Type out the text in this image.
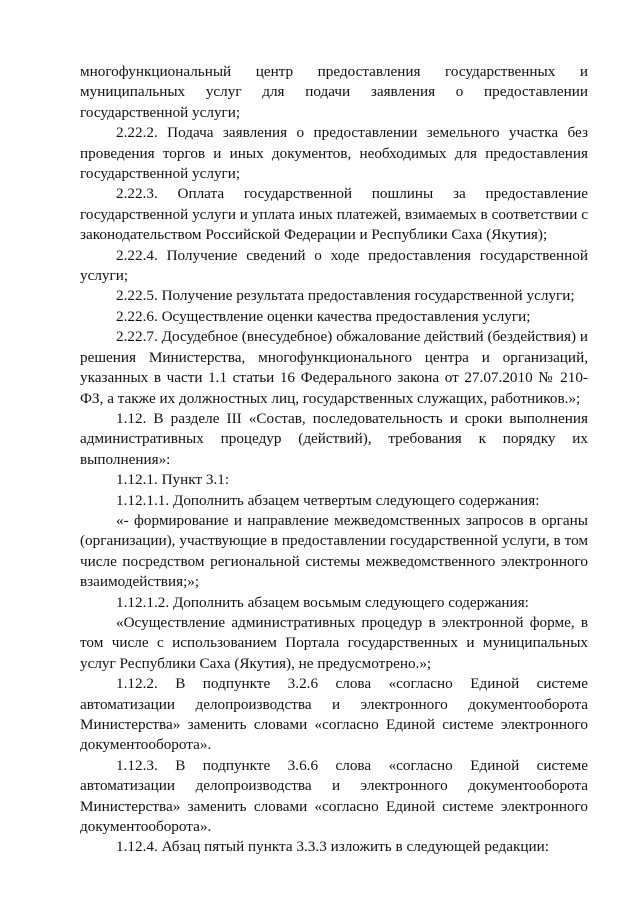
многофункциональный центр предоставления государственных и муниципальных услуг для подачи заявления о предоставлении государственной услуги;

2.22.2. Подача заявления о предоставлении земельного участка без проведения торгов и иных документов, необходимых для предоставления государственной услуги;

2.22.3. Оплата государственной пошлины за предоставление государственной услуги и уплата иных платежей, взимаемых в соответствии с законодательством Российской Федерации и Республики Саха (Якутия);

2.22.4. Получение сведений о ходе предоставления государственной услуги;

2.22.5. Получение результата предоставления государственной услуги;

2.22.6. Осуществление оценки качества предоставления услуги;

2.22.7. Досудебное (внесудебное) обжалование действий (бездействия) и решения Министерства, многофункционального центра и организаций, указанных в части 1.1 статьи 16 Федерального закона от 27.07.2010 № 210-ФЗ, а также их должностных лиц, государственных служащих, работников.»;

1.12. В разделе III «Состав, последовательность и сроки выполнения административных процедур (действий), требования к порядку их выполнения»:

1.12.1. Пункт 3.1:

1.12.1.1. Дополнить абзацем четвертым следующего содержания:

«- формирование и направление межведомственных запросов в органы (организации), участвующие в предоставлении государственной услуги, в том числе посредством региональной системы межведомственного электронного взаимодействия;»;

1.12.1.2. Дополнить абзацем восьмым следующего содержания:

«Осуществление административных процедур в электронной форме, в том числе с использованием Портала государственных и муниципальных услуг Республики Саха (Якутия), не предусмотрено.»;

1.12.2. В подпункте 3.2.6 слова «согласно Единой системе автоматизации делопроизводства и электронного документооборота Министерства» заменить словами «согласно Единой системе электронного документооборота».

1.12.3. В подпункте 3.6.6 слова «согласно Единой системе автоматизации делопроизводства и электронного документооборота Министерства» заменить словами «согласно Единой системе электронного документооборота».

1.12.4. Абзац пятый пункта 3.3.3 изложить в следующей редакции:
